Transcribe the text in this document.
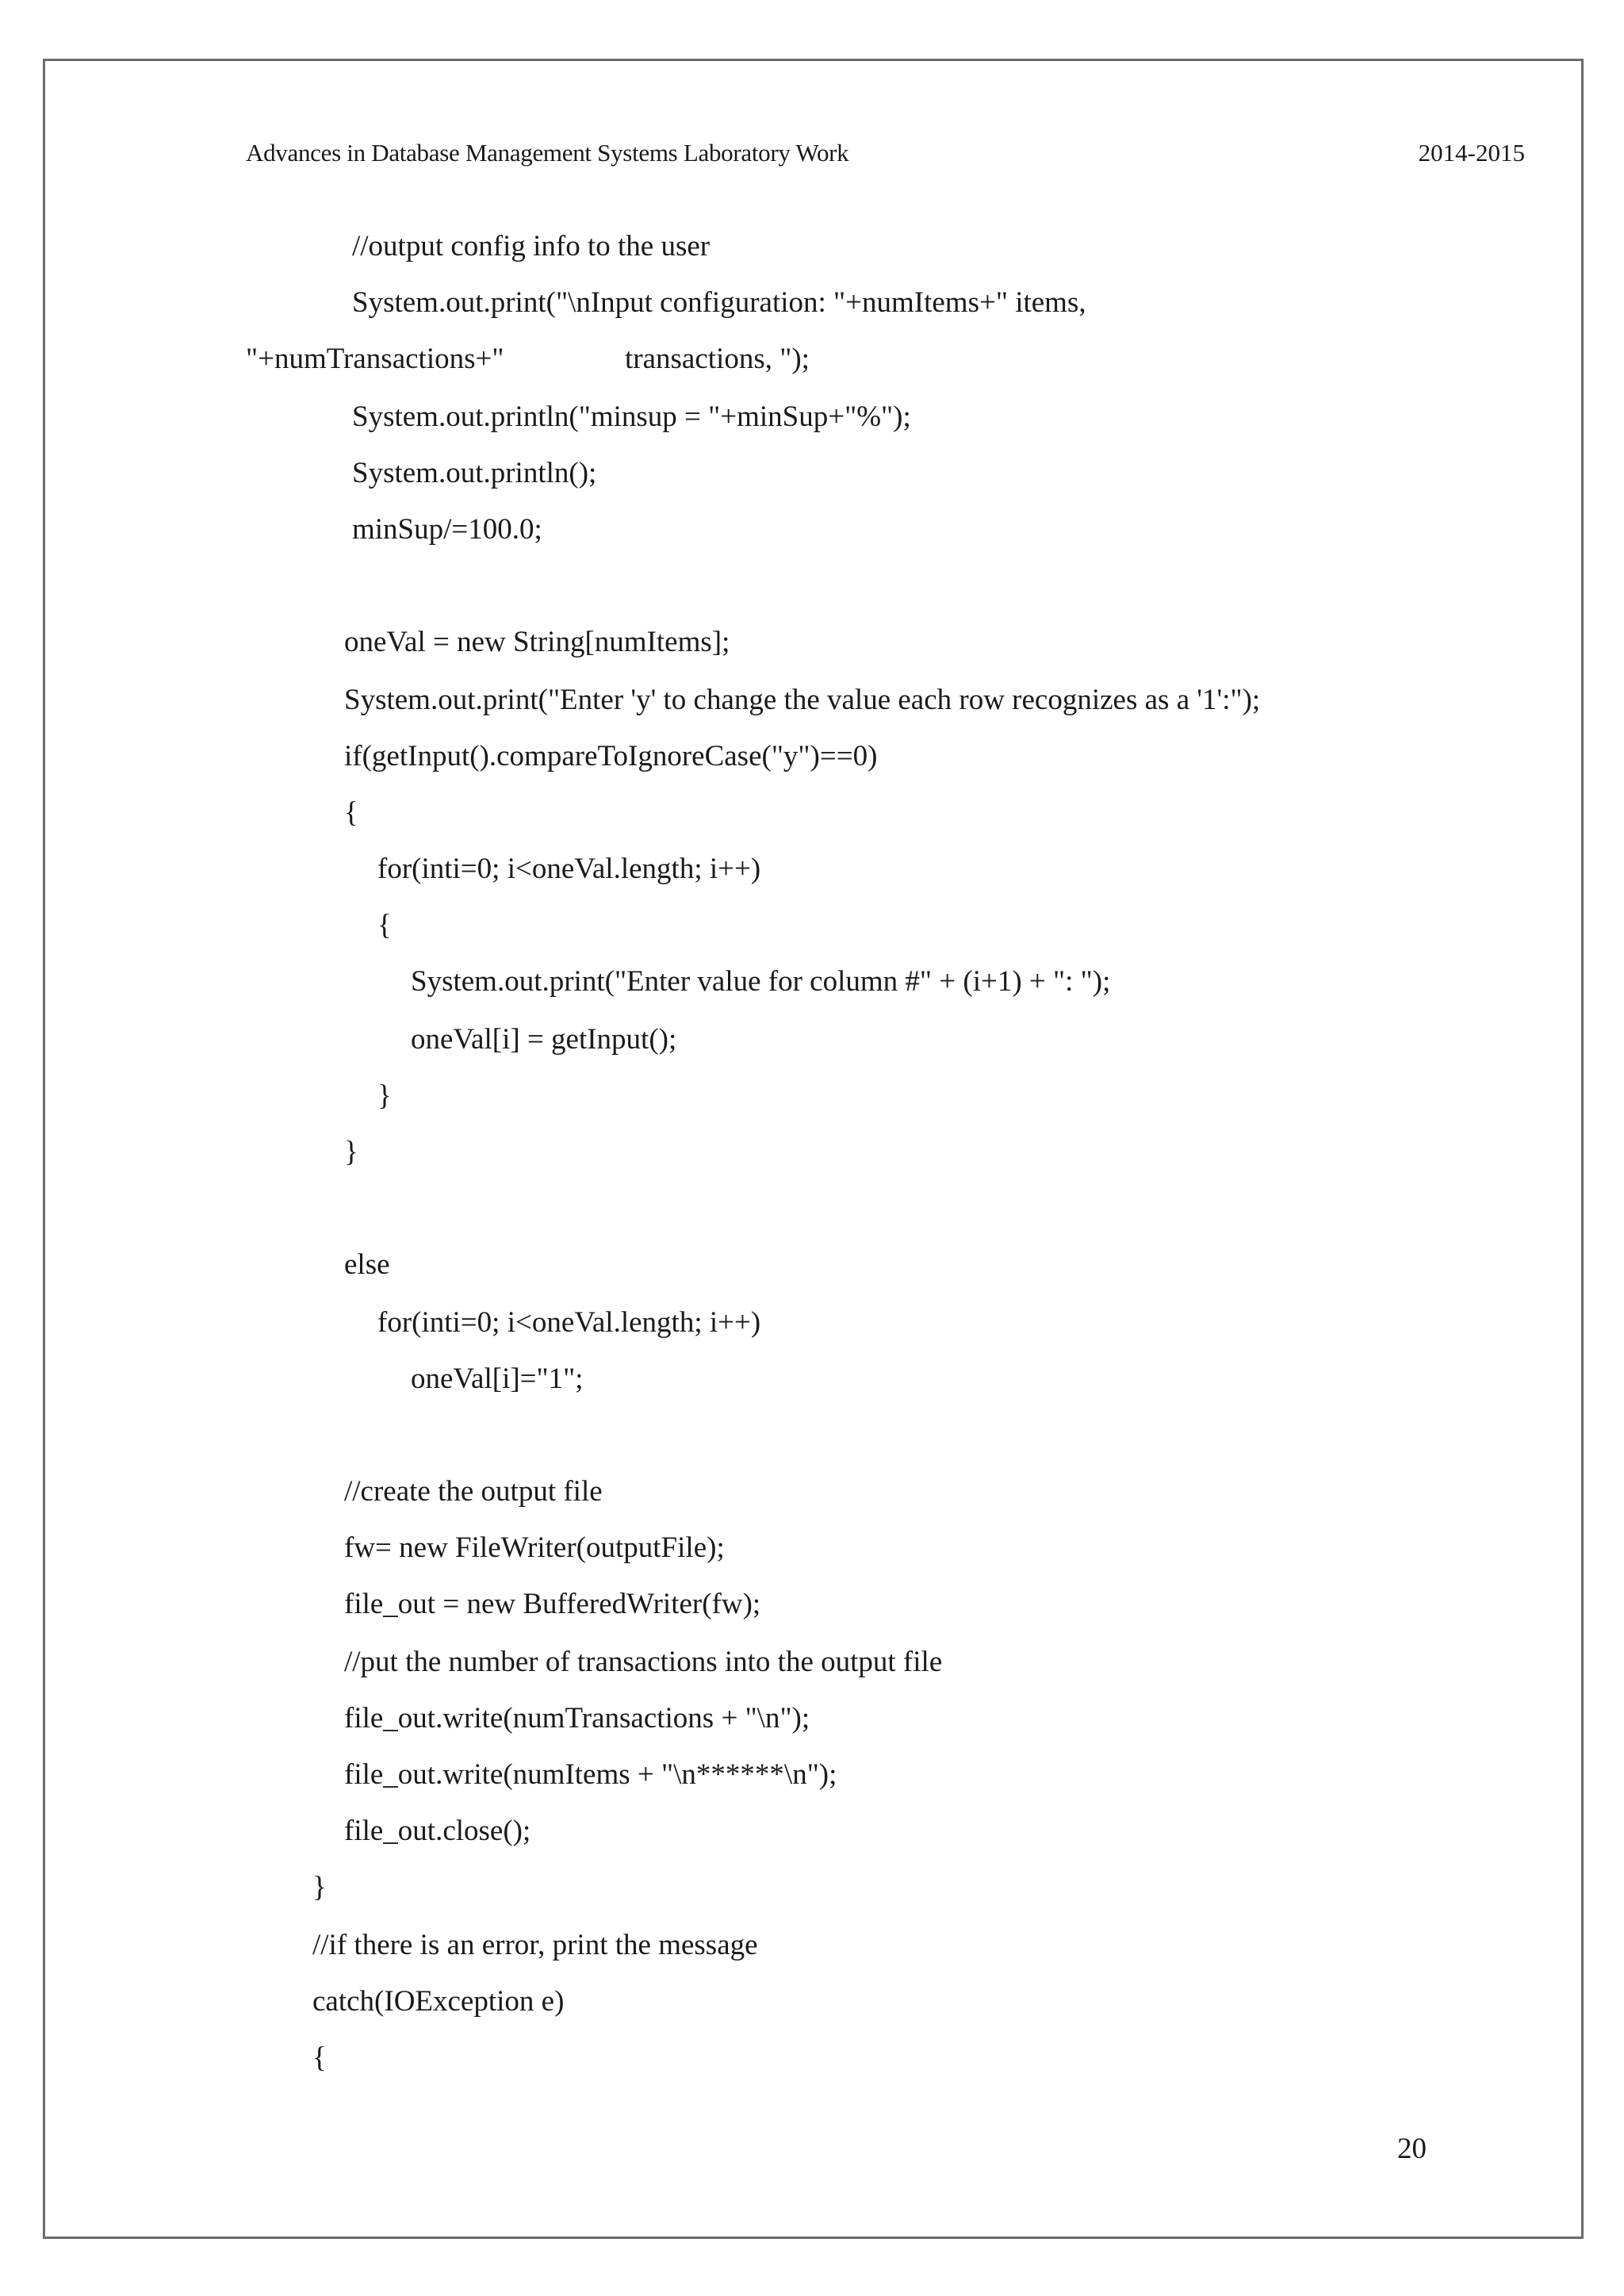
Advances in Database Management Systems Laboratory Work	2014-2015
//output config info to the user
System.out.print("\nInput configuration: "+numItems+" items,
"+numTransactions+"	transactions, ");
System.out.println("minsup = "+minSup+"%");
System.out.println();
minSup/=100.0;
oneVal = new String[numItems];
System.out.print("Enter 'y' to change the value each row recognizes as a '1':");
if(getInput().compareToIgnoreCase("y")==0)
{
for(inti=0; i<oneVal.length; i++)
{
System.out.print("Enter value for column #" + (i+1) + ": ");
oneVal[i] = getInput();
}
}
else
for(inti=0; i<oneVal.length; i++)
oneVal[i]="1";
//create the output file
fw= new FileWriter(outputFile);
file_out = new BufferedWriter(fw);
//put the number of transactions into the output file
file_out.write(numTransactions + "\n");
file_out.write(numItems + "\n******\n");
file_out.close();
}
//if there is an error, print the message
catch(IOException e)
{
20
